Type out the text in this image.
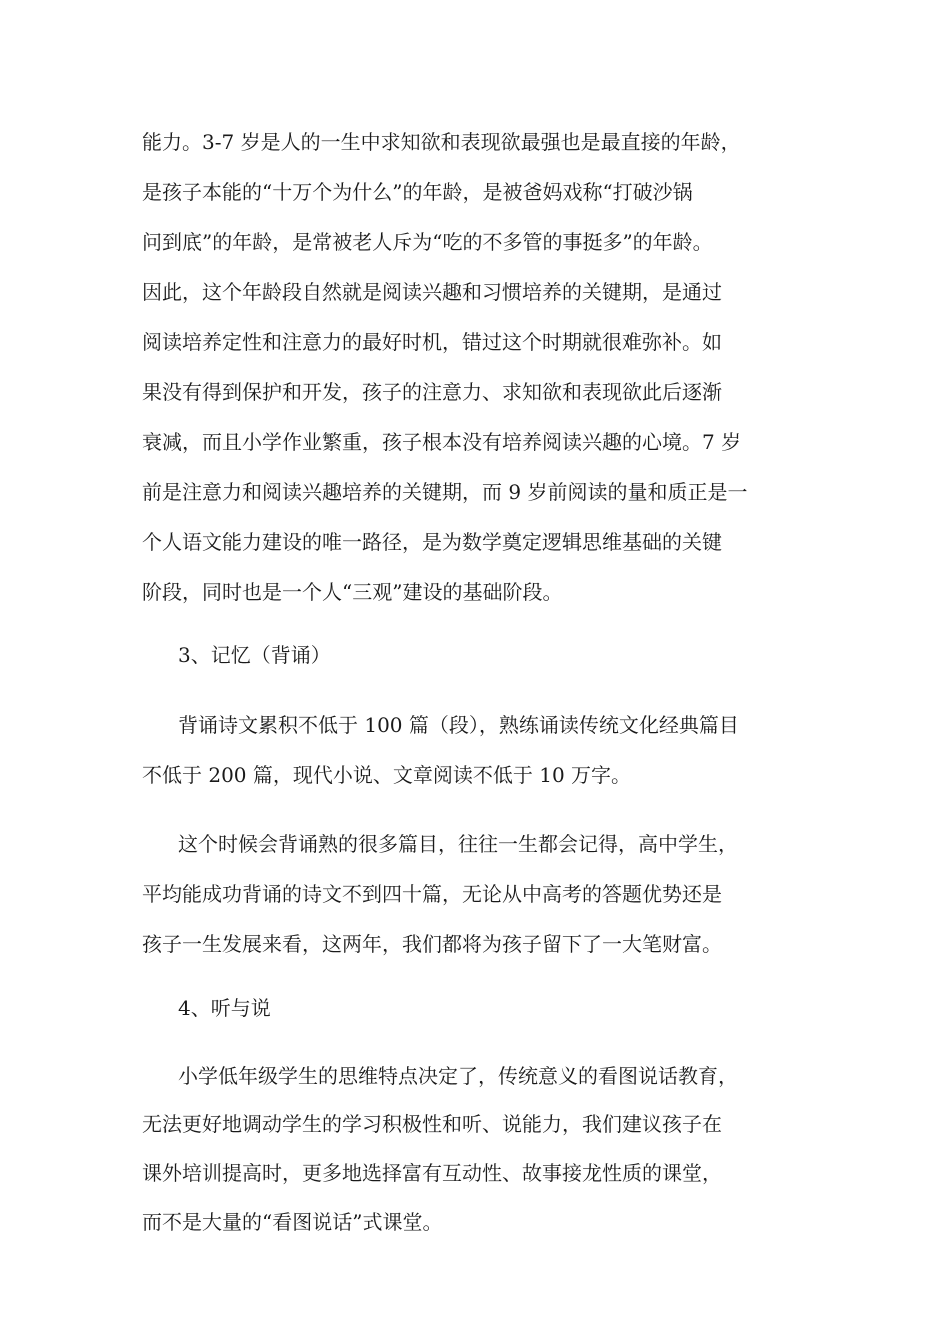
能力。3-7 岁是人的一生中求知欲和表现欲最强也是最直接的年龄，
是孩子本能的“十万个为什么”的年龄，是被爸妈戏称“打破沙锅
问到底”的年龄，是常被老人斥为“吃的不多管的事挺多”的年龄。
因此，这个年龄段自然就是阅读兴趣和习惯培养的关键期，是通过
阅读培养定性和注意力的最好时机，错过这个时期就很难弥补。如
果没有得到保护和开发，孩子的注意力、求知欲和表现欲此后逐渐
衰减，而且小学作业繁重，孩子根本没有培养阅读兴趣的心境。7 岁
前是注意力和阅读兴趣培养的关键期，而 9 岁前阅读的量和质正是一
个人语文能力建设的唯一路径，是为数学奠定逻辑思维基础的关键
阶段，同时也是一个人“三观”建设的基础阶段。
3、记忆（背诵）
背诵诗文累积不低于 100 篇（段），熟练诵读传统文化经典篇目
不低于 200 篇，现代小说、文章阅读不低于 10 万字。
这个时候会背诵熟的很多篇目，往往一生都会记得，高中学生，
平均能成功背诵的诗文不到四十篇，无论从中高考的答题优势还是
孩子一生发展来看，这两年，我们都将为孩子留下了一大笔财富。
4、听与说
小学低年级学生的思维特点决定了，传统意义的看图说话教育，
无法更好地调动学生的学习积极性和听、说能力，我们建议孩子在
课外培训提高时，更多地选择富有互动性、故事接龙性质的课堂，
而不是大量的“看图说话”式课堂。
